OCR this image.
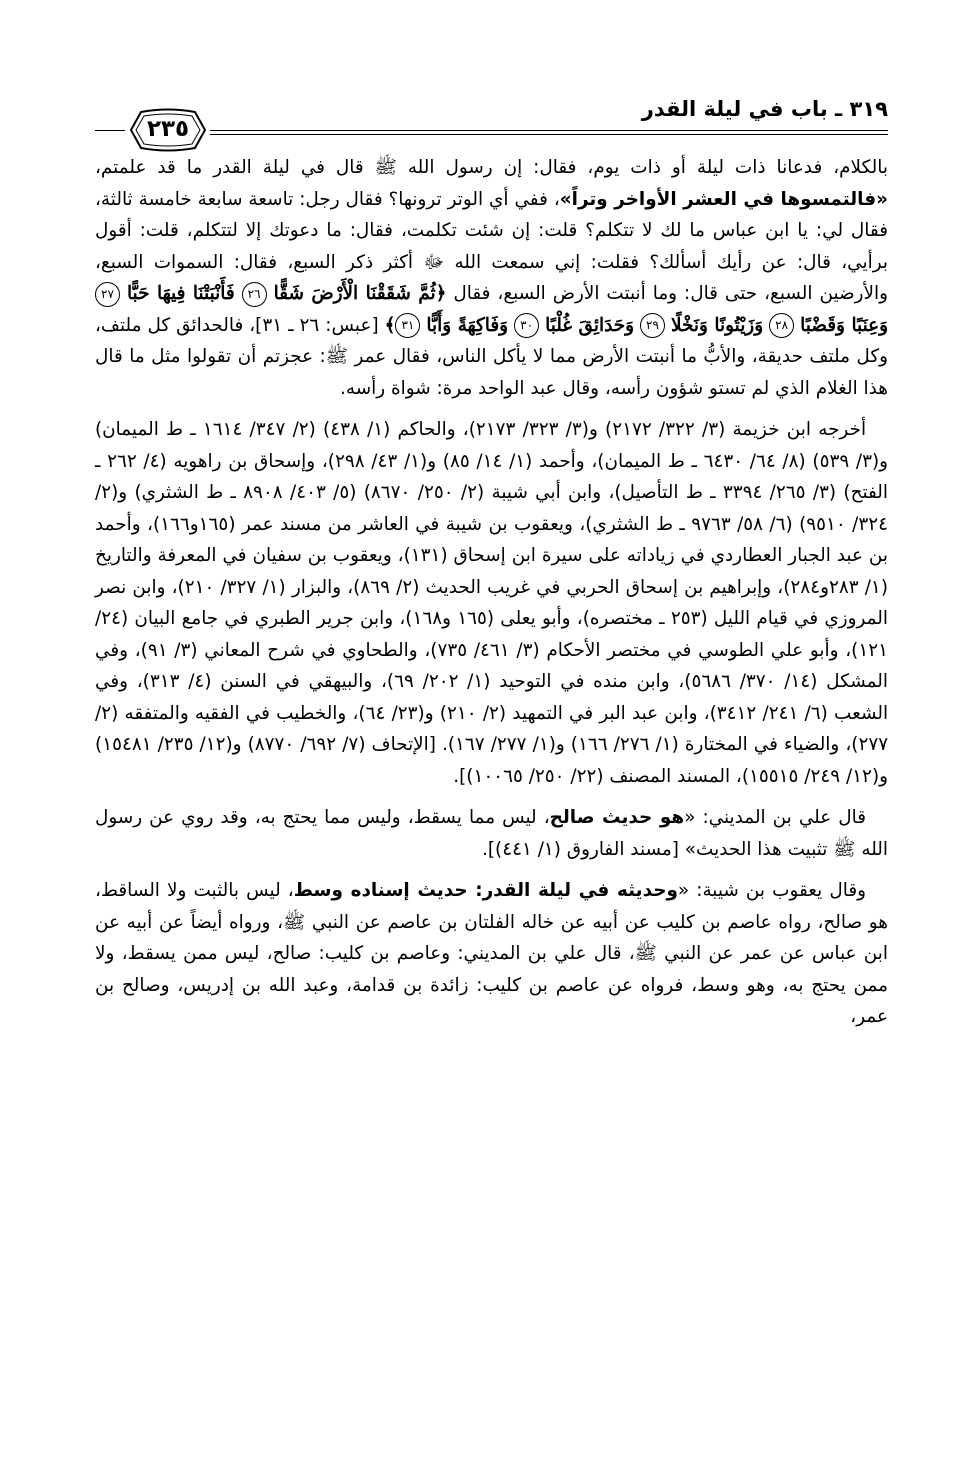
٣١٩ ـ باب في ليلة القدر
٢٣٥

بالكلام، فدعانا ذات ليلة أو ذات يوم، فقال: إن رسول الله ﷺ قال في ليلة القدر ما قد علمتم، «فالتمسوها في العشر الأواخر وتراً»، ففي أي الوتر ترونها؟ فقال رجل: تاسعة سابعة خامسة ثالثة، فقال لي: يا ابن عباس ما لك لا تتكلم؟ قلت: إن شئت تكلمت، فقال: ما دعوتك إلا لتتكلم، قلت: أقول برأيي، قال: عن رأيك أسألك؟ فقلت: إني سمعت الله ﷻ أكثر ذكر السبع، فقال: السموات السبع، والأرضين السبع، حتى قال: وما أنبتت الأرض السبع، فقال ﴿ثُمَّ شَقَقْنَا الْأَرْضَ شَقًّا ٢٦ فَأَنْبَتْنَا فِيهَا حَبًّا ٢٧ وَعِنَبًا وَقَضْبًا ٢٨ وَزَيْتُونًا وَنَخْلًا ٢٩ وَحَدَائِقَ غُلْبًا ٣٠ وَفَاكِهَةً وَأَبًّا ٣١﴾ [عبس: ٢٦ ـ ٣١]، فالحدائق كل ملتف، وكل ملتف حديقة، والأبُّ ما أنبتت الأرض مما لا يأكل الناس، فقال عمر ﷺ: عجزتم أن تقولوا مثل ما قال هذا الغلام الذي لم تستو شؤون رأسه، وقال عبد الواحد مرة: شواة رأسه.

أخرجه ابن خزيمة (٣/ ٣٢٢/ ٢١٧٢) و(٣/ ٣٢٣/ ٢١٧٣)، والحاكم (١/ ٤٣٨) (٢/ ٣٤٧/ ١٦١٤ ـ ط الميمان) و(٣/ ٥٣٩) (٨/ ٦٤/ ٦٤٣٠ ـ ط الميمان)، وأحمد (١/ ١٤/ ٨٥) و(١/ ٤٣/ ٢٩٨)، وإسحاق بن راهويه (٤/ ٢٦٢ ـ الفتح) (٣/ ٢٦٥/ ٣٣٩٤ ـ ط التأصيل)، وابن أبي شيبة (٢/ ٢٥٠/ ٨٦٧٠) (٥/ ٤٠٣/ ٨٩٠٨ ـ ط الشثري) و(٢/ ٣٢٤/ ٩٥١٠) (٦/ ٥٨/ ٩٧٦٣ ـ ط الشثري)، ويعقوب بن شيبة في العاشر من مسند عمر (١٦٥و١٦٦)، وأحمد بن عبد الجبار العطاردي في زياداته على سيرة ابن إسحاق (١٣١)، ويعقوب بن سفيان في المعرفة والتاريخ (١/ ٢٨٣و٢٨٤)، وإبراهيم بن إسحاق الحربي في غريب الحديث (٢/ ٨٦٩)، والبزار (١/ ٣٢٧/ ٢١٠)، وابن نصر المروزي في قيام الليل (٢٥٣ ـ مختصره)، وأبو يعلى (١٦٥ و١٦٨)، وابن جرير الطبري في جامع البيان (٢٤/ ١٢١)، وأبو علي الطوسي في مختصر الأحكام (٣/ ٤٦١/ ٧٣٥)، والطحاوي في شرح المعاني (٣/ ٩١)، وفي المشكل (١٤/ ٣٧٠/ ٥٦٨٦)، وابن منده في التوحيد (١/ ٢٠٢/ ٦٩)، والبيهقي في السنن (٤/ ٣١٣)، وفي الشعب (٦/ ٢٤١/ ٣٤١٢)، وابن عبد البر في التمهيد (٢/ ٢١٠) و(٢٣/ ٦٤)، والخطيب في الفقيه والمتفقه (٢/ ٢٧٧)، والضياء في المختارة (١/ ٢٧٦/ ١٦٦) و(١/ ٢٧٧/ ١٦٧). [الإتحاف (٧/ ٦٩٢/ ٨٧٧٠) و(١٢/ ٢٣٥/ ١٥٤٨١) و(١٢/ ٢٤٩/ ١٥٥١٥)، المسند المصنف (٢٢/ ٢٥٠/ ١٠٠٦٥)].

قال علي بن المديني: «هو حديث صالح، ليس مما يسقط، وليس مما يحتج به، وقد روي عن رسول الله ﷺ تثبيت هذا الحديث» [مسند الفاروق (١/ ٤٤١)].

وقال يعقوب بن شيبة: «وحديثه في ليلة القدر: حديث إسناده وسط، ليس بالثبت ولا الساقط، هو صالح، رواه عاصم بن كليب عن أبيه عن خاله الفلتان بن عاصم عن النبي ﷺ، ورواه أيضاً عن أبيه عن ابن عباس عن عمر عن النبي ﷺ، قال علي بن المديني: وعاصم بن كليب: صالح، ليس ممن يسقط، ولا ممن يحتج به، وهو وسط، فرواه عن عاصم بن كليب: زائدة بن قدامة، وعبد الله بن إدريس، وصالح بن عمر،
